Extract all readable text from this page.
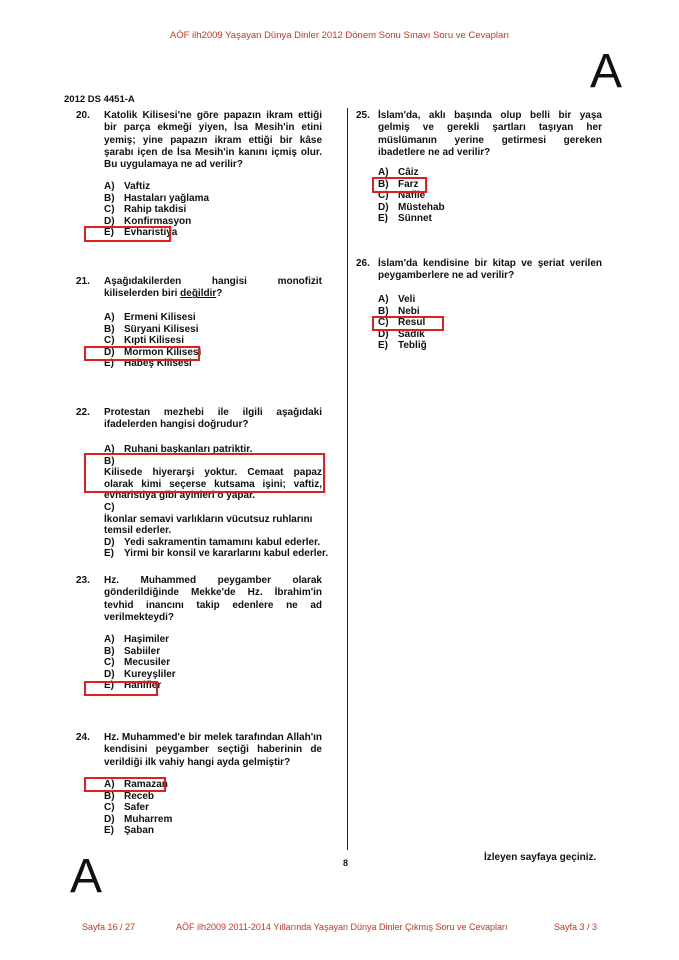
AÖF ilh2009 Yaşayan Dünya Dinler 2012 Dönem Sonu Sınavı Soru ve Cevapları
A
2012 DS 4451-A
20.	Katolik Kilisesi'ne göre papazın ikram ettiği bir parça ekmeği yiyen, İsa Mesih'in etini yemiş; yine papazın ikram ettiği bir kâse şarabı içen de İsa Mesih'in kanını içmiş olur. Bu uygulamaya ne ad verilir?
A) Vaftiz
B) Hastaları yağlama
C) Rahip takdisi
D) Konfirmasyon
E) Evharistiya
21.	Aşağıdakilerden hangisi monofizit kiliselerden biri değildir?
A) Ermeni Kilisesi
B) Süryani Kilisesi
C) Kıpti Kilisesi
D) Mormon Kilisesi
E) Habeş Kilisesi
22.	Protestan mezhebi ile ilgili aşağıdaki ifadelerden hangisi doğrudur?
A) Ruhani başkanları patriktir.
B)Kilisede hiyerarşi yoktur. Cemaat papaz olarak kimi seçerse kutsama işini; vaftiz, evharistiya gibi ayinleri o yapar.
C)İkonlar semavi varlıkların vücutsuz ruhlarını temsil ederler.
D) Yedi sakramentin tamamını kabul ederler.
E) Yirmi bir konsil ve kararlarını kabul ederler.
23.	Hz. Muhammed peygamber olarak gönderildiğinde Mekke'de Hz. İbrahim'in tevhid inancını takip edenlere ne ad verilmekteydi?
A) Haşimiler
B) Sabiiler
C) Mecusiler
D) Kureyşliler
E) Hanifler
24.	Hz. Muhammed'e bir melek tarafından Allah'ın kendisini peygamber seçtiği haberinin de verildiği ilk vahiy hangi ayda gelmiştir?
A) Ramazan
B) Receb
C) Safer
D) Muharrem
E) Şaban
25. İslam'da, aklı başında olup belli bir yaşa gelmiş ve gerekli şartları taşıyan her müslümanın yerine getirmesi gereken ibadetlere ne ad verilir?
A) Câiz
B) Farz
C) Nafile
D) Müstehab
E) Sünnet
26. İslam'da kendisine bir kitap ve şeriat verilen peygamberlere ne ad verilir?
A) Veli
B) Nebi
C) Resul
D) Sâdık
E) Tebliğ
A	8	İzleyen sayfaya geçiniz.
Sayfa 16 / 27	AÖF ilh2009 2011-2014 Yıllarında Yaşayan Dünya Dinler Çıkmış Soru ve Cevapları	Sayfa 3 / 3
